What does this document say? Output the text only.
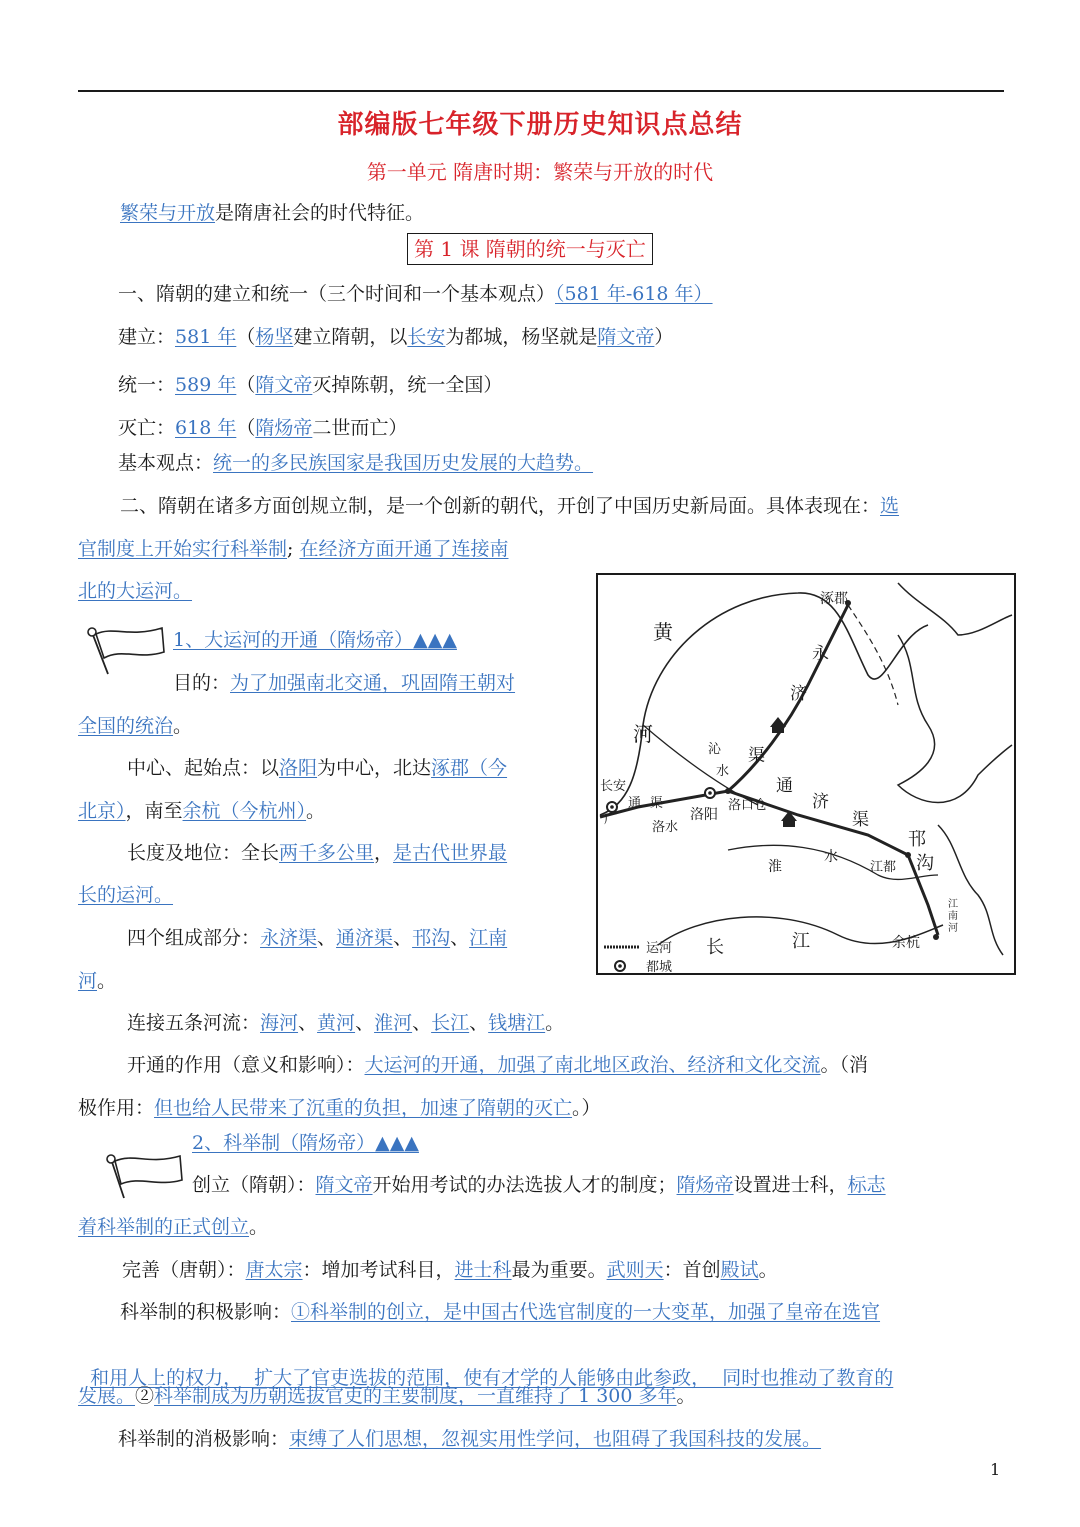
部编版七年级下册历史知识点总结
第一单元 隋唐时期：繁荣与开放的时代
繁荣与开放是隋唐社会的时代特征。
第 1 课 隋朝的统一与灭亡
一、隋朝的建立和统一（三个时间和一个基本观点）（581 年-618 年）
建立：581 年（杨坚建立隋朝，以长安为都城，杨坚就是隋文帝）
统一：589 年（隋文帝灭掉陈朝，统一全国）
灭亡：618 年（隋炀帝二世而亡）
基本观点：统一的多民族国家是我国历史发展的大趋势。
二、隋朝在诸多方面创规立制，是一个创新的朝代，开创了中国历史新局面。具体表现在：选
官制度上开始实行科举制; 在经济方面开通了连接南
北的大运河。
1、大运河的开通（隋炀帝）▲▲▲
目的：为了加强南北交通，巩固隋王朝对
全国的统治。
中心、起始点：以洛阳为中心，北达涿郡（今
北京），南至余杭（今杭州）。
长度及地位：全长两千多公里，是古代世界最
长的运河。
四个组成部分：永济渠、通济渠、邗沟、江南
河。
连接五条河流：海河、黄河、淮河、长江、钱塘江。
开通的作用（意义和影响）：大运河的开通，加强了南北地区政治、经济和文化交流。（消
极作用：但也给人民带来了沉重的负担，加速了隋朝的灭亡。）
2、科举制（隋炀帝）▲▲▲
创立（隋朝）：隋文帝开始用考试的办法选拔人才的制度；隋炀帝设置进士科，标志
着科举制的正式创立。
完善（唐朝）：唐太宗：增加考试科目，进士科最为重要。武则天：首创殿试。
科举制的积极影响：①科举制的创立，是中国古代选官制度的一大变革，加强了皇帝在选官

和用人上的权力，  扩大了官吏选拔的范围，使有才学的人能够由此参政，  同时也推动了教育的

发展。②科举制成为历朝选拔官吏的主要制度，一直维持了 1 300 多年。
科举制的消极影响：束缚了人们思想，忽视实用性学问，也阻碍了我国科技的发展。
涿郡
永
济
渠
黄
河
沁
水
长安
洛阳
洛口仓
通
济
渠
广
通 渠
洛水
淮
水
邗
沟
江都
江
南
河
长	江	余杭
运河
都城
1
